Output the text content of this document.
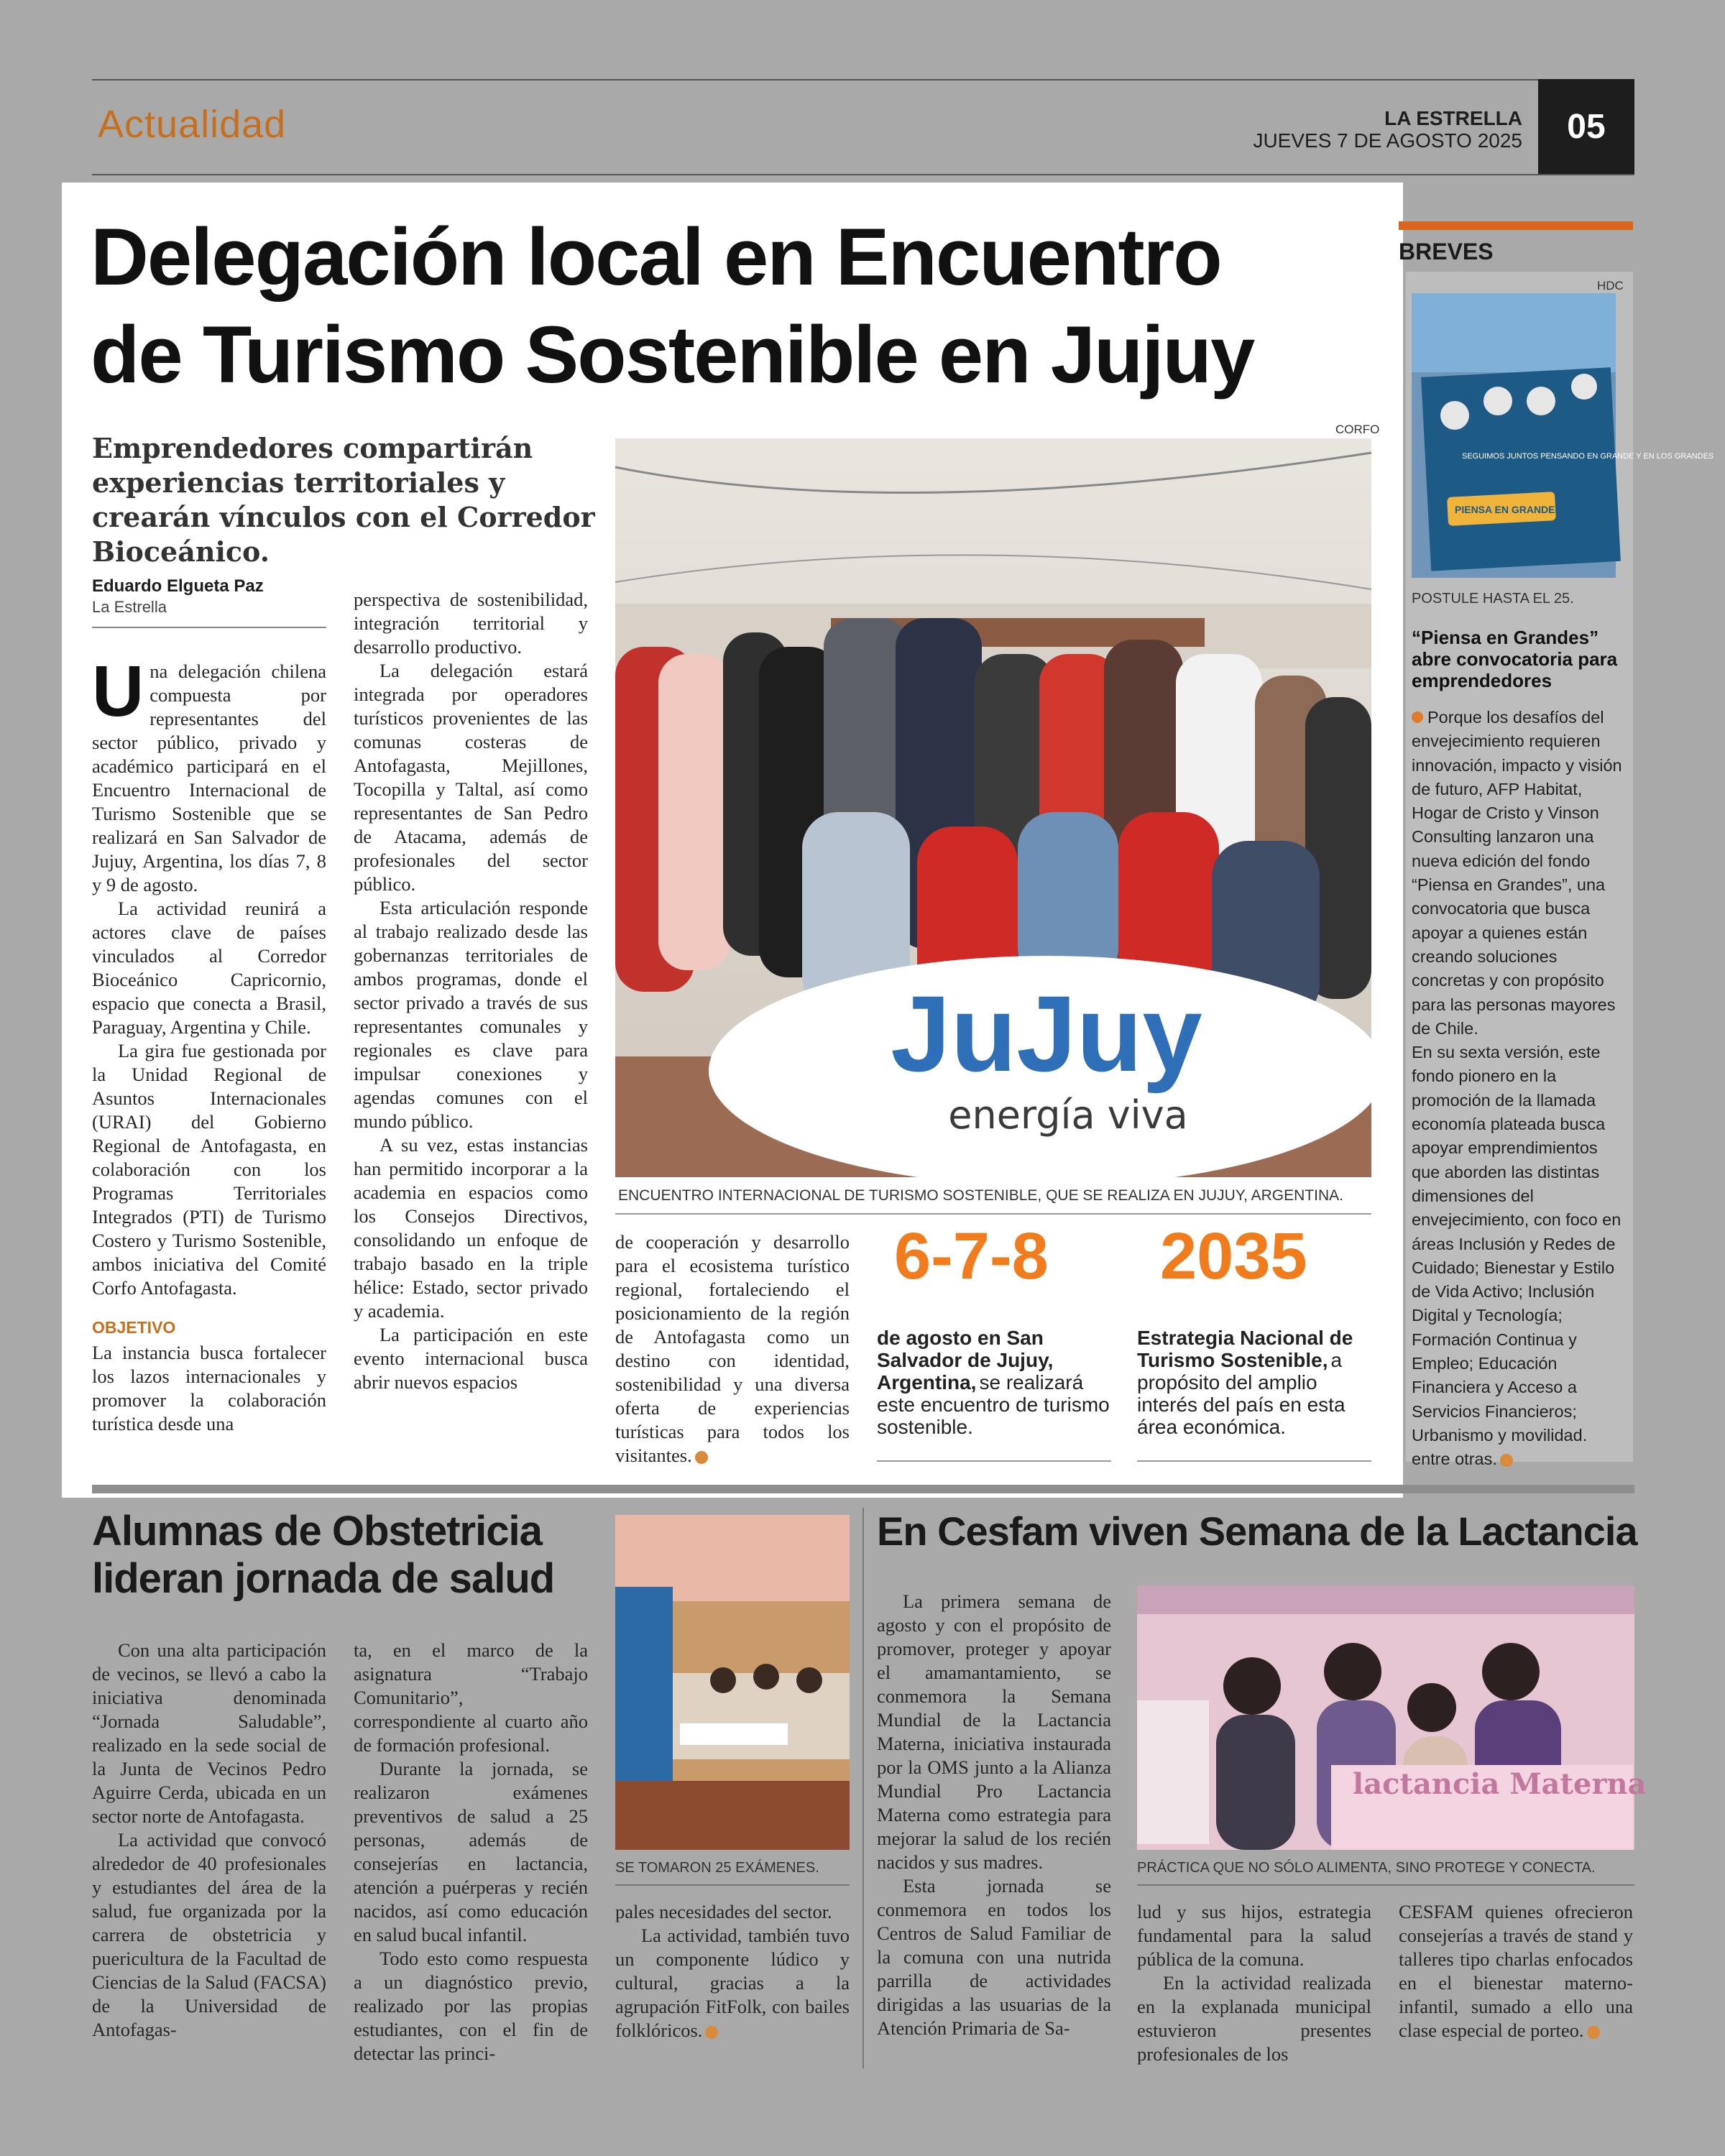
Actualidad	LA ESTRELLA
JUEVES 7 DE AGOSTO 2025	05
Delegación local en Encuentro
de Turismo Sostenible en Jujuy
Emprendedores compartirán experiencias territoriales y crearán vínculos con el Corredor Bioceánico.
Eduardo Elgueta Paz
La Estrella
CORFO
JuJuy
energía viva
ENCUENTRO INTERNACIONAL DE TURISMO SOSTENIBLE, QUE SE REALIZA EN JUJUY, ARGENTINA.

Una delegación chilena compuesta por representantes del sector público, privado y académico participará en el Encuentro Internacional de Turismo Sostenible que se realizará en San Salvador de Jujuy, Argentina, los días 7, 8 y 9 de agosto.

La actividad reunirá a actores clave de países vinculados al Corredor Bioceánico Capricornio, espacio que conecta a Brasil, Paraguay, Argentina y Chile.

La gira fue gestionada por la Unidad Regional de Asuntos Internacionales (URAI) del Gobierno Regional de Antofagasta, en colaboración con los Programas Territoriales Integrados (PTI) de Turismo Costero y Turismo Sostenible, ambos iniciativa del Comité Corfo Antofagasta.

OBJETIVO

La instancia busca fortalecer los lazos internacionales y promover la colaboración turística desde una

perspectiva de sostenibilidad, integración territorial y desarrollo productivo.

La delegación estará integrada por operadores turísticos provenientes de las comunas costeras de Antofagasta, Mejillones, Tocopilla y Taltal, así como representantes de San Pedro de Atacama, además de profesionales del sector público.

Esta articulación responde al trabajo realizado desde las gobernanzas territoriales de ambos programas, donde el sector privado a través de sus representantes comunales y regionales es clave para impulsar conexiones y agendas comunes con el mundo público.

A su vez, estas instancias han permitido incorporar a la academia en espacios como los Consejos Directivos, consolidando un enfoque de trabajo basado en la triple hélice: Estado, sector privado y academia.

La participación en este evento internacional busca abrir nuevos espacios

de cooperación y desarrollo para el ecosistema turístico regional, fortaleciendo el posicionamiento de la región de Antofagasta como un destino con identidad, sostenibilidad y una diversa oferta de experiencias turísticas para todos los visitantes.

6-7-8
de agosto en San Salvador de Jujuy, Argentina, se realizará este encuentro de turismo sostenible.
2035
Estrategia Nacional de Turismo Sostenible, a propósito del amplio interés del país en esta área económica.
BREVES
HDC
SEGUIMOS JUNTOS PENSANDO EN GRANDE Y EN LOS GRANDES
PIENSA EN GRANDES
POSTULE HASTA EL 25.
“Piensa en Grandes” abre convocatoria para emprendedores
Porque los desafíos del envejecimiento requieren innovación, impacto y visión de futuro, AFP Habitat, Hogar de Cristo y Vinson Consulting lanzaron una nueva edición del fondo “Piensa en Grandes”, una convocatoria que busca apoyar a quienes están creando soluciones concretas y con propósito para las personas mayores de Chile.
En su sexta versión, este fondo pionero en la promoción de la llamada economía plateada busca apoyar emprendimientos que aborden las distintas dimensiones del envejecimiento, con foco en áreas Inclusión y Redes de Cuidado; Bienestar y Estilo de Vida Activo; Inclusión Digital y Tecnología; Formación Continua y Empleo; Educación Financiera y Acceso a Servicios Financieros; Urbanismo y movilidad. entre otras.
Alumnas de Obstetricia
lideran jornada de salud

Con una alta participación de vecinos, se llevó a cabo la iniciativa denominada “Jornada Saludable”, realizado en la sede social de la Junta de Vecinos Pedro Aguirre Cerda, ubicada en un sector norte de Antofagasta.

La actividad que convocó alrededor de 40 profesionales y estudiantes del área de la salud, fue organizada por la carrera de obstetricia y puericultura de la Facultad de Ciencias de la Salud (FACSA) de la Universidad de Antofagas-

ta, en el marco de la asignatura “Trabajo Comunitario”, correspondiente al cuarto año de formación profesional.

Durante la jornada, se realizaron exámenes preventivos de salud a 25 personas, además de consejerías en lactancia, atención a puérperas y recién nacidos, así como educación en salud bucal infantil.

Todo esto como respuesta a un diagnóstico previo, realizado por las propias estudiantes, con el fin de detectar las princi-

SE TOMARON 25 EXÁMENES.

pales necesidades del sector.

La actividad, también tuvo un componente lúdico y cultural, gracias a la agrupación FitFolk, con bailes folklóricos.

En Cesfam viven Semana de la Lactancia

La primera semana de agosto y con el propósito de promover, proteger y apoyar el amamantamiento, se conmemora la Semana Mundial de la Lactancia Materna, iniciativa instaurada por la OMS junto a la Alianza Mundial Pro Lactancia Materna como estrategia para mejorar la salud de los recién nacidos y sus madres.

Esta jornada se conmemora en todos los Centros de Salud Familiar de la comuna con una nutrida parrilla de actividades dirigidas a las usuarias de la Atención Primaria de Sa-

lactancia Materna
PRÁCTICA QUE NO SÓLO ALIMENTA, SINO PROTEGE Y CONECTA.

lud y sus hijos, estrategia fundamental para la salud pública de la comuna.

En la actividad realizada en la explanada municipal estuvieron presentes profesionales de los

CESFAM quienes ofrecieron consejerías a través de stand y talleres tipo charlas enfocados en el bienestar materno-infantil, sumado a ello una clase especial de porteo.
